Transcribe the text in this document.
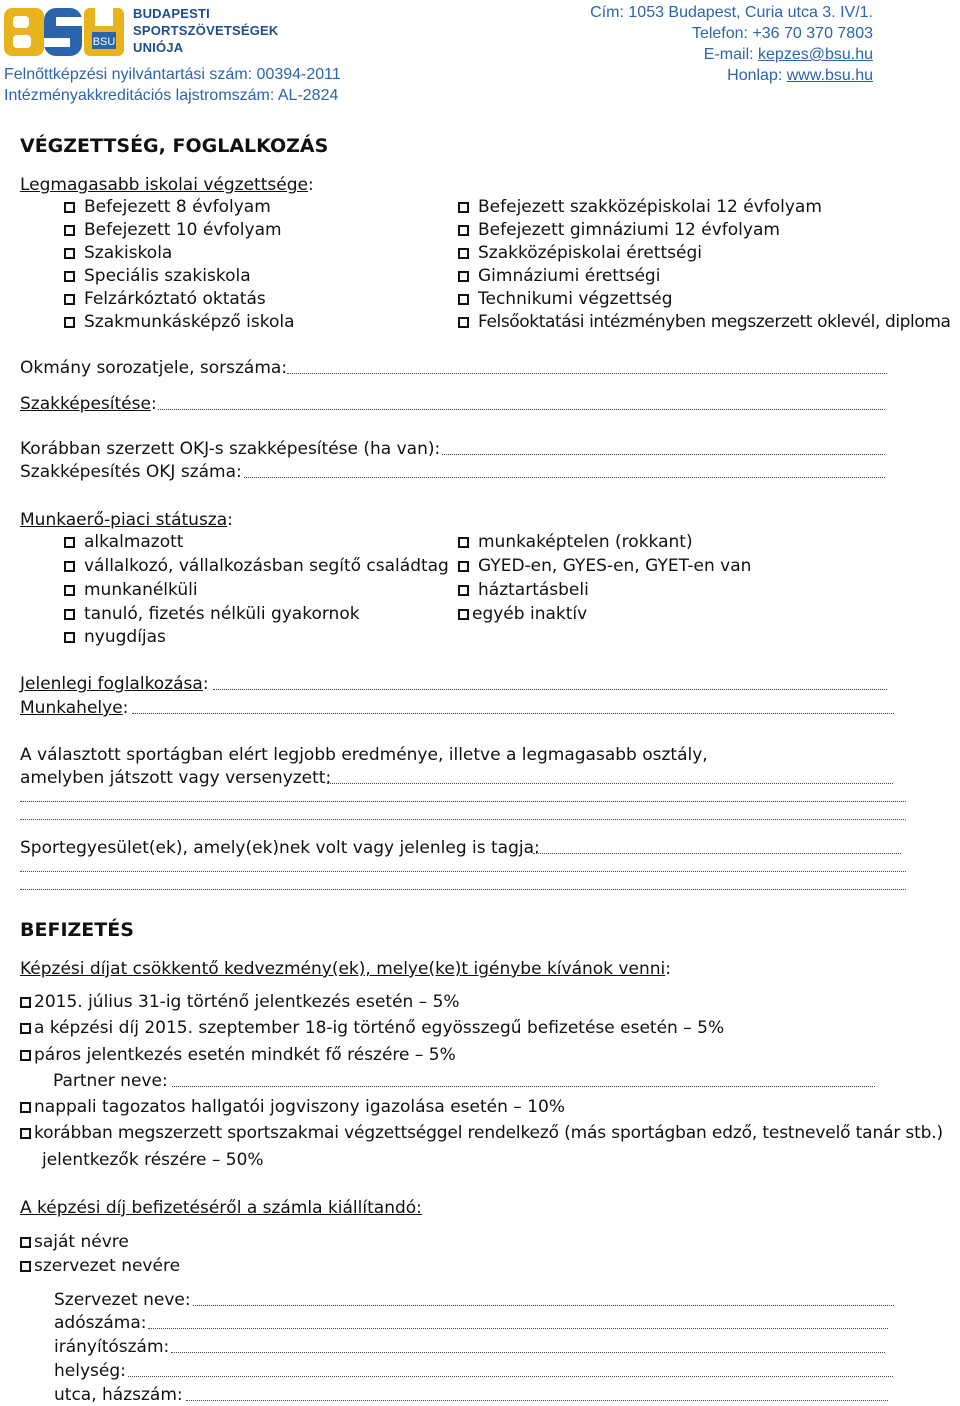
BSU
BUDAPESTI
SPORTSZÖVETSÉGEK
UNIÓJA
Felnőttképzési nyilvántartási szám: 00394-2011
Intézményakkreditációs lajstromszám: AL-2824
Cím: 1053 Budapest, Curia utca 3. IV/1.
Telefon: +36 70 370 7803
E-mail: kepzes@bsu.hu
Honlap: www.bsu.hu
VÉGZETTSÉG, FOGLALKOZÁS
Legmagasabb iskolai végzettsége:
Befejezett 8 évfolyam
Befejezett 10 évfolyam
Szakiskola
Speciális szakiskola
Felzárkóztató oktatás
Szakmunkásképző iskola
Befejezett szakközépiskolai 12 évfolyam
Befejezett gimnáziumi 12 évfolyam
Szakközépiskolai érettségi
Gimnáziumi érettségi
Technikumi végzettség
Felsőoktatási intézményben megszerzett oklevél, diploma
Okmány sorozatjele, sorszáma:
Szakképesítése:
Korábban szerzett OKJ-s szakképesítése (ha van):
Szakképesítés OKJ száma:
Munkaerő-piaci státusza:
alkalmazott
vállalkozó, vállalkozásban segítő családtag
munkanélküli
tanuló, fizetés nélküli gyakornok
nyugdíjas
munkaképtelen (rokkant)
GYED-en, GYES-en, GYET-en van
háztartásbeli
egyéb inaktív
Jelenlegi foglalkozása:
Munkahelye:
A választott sportágban elért legjobb eredménye, illetve a legmagasabb osztály,
amelyben játszott vagy versenyzett:
Sportegyesület(ek), amely(ek)nek volt vagy jelenleg is tagja:
BEFIZETÉS
Képzési díjat csökkentő kedvezmény(ek), melye(ke)t igénybe kívánok venni:
2015. július 31-ig történő jelentkezés esetén – 5%
a képzési díj 2015. szeptember 18-ig történő egyösszegű befizetése esetén – 5%
páros jelentkezés esetén mindkét fő részére – 5%
Partner neve:
nappali tagozatos hallgatói jogviszony igazolása esetén – 10%
korábban megszerzett sportszakmai végzettséggel rendelkező (más sportágban edző, testnevelő tanár stb.)
jelentkezők részére – 50%
A képzési díj befizetéséről a számla kiállítandó:
saját névre
szervezet nevére
Szervezet neve:
adószáma:
irányítószám:
helység:
utca, házszám:
